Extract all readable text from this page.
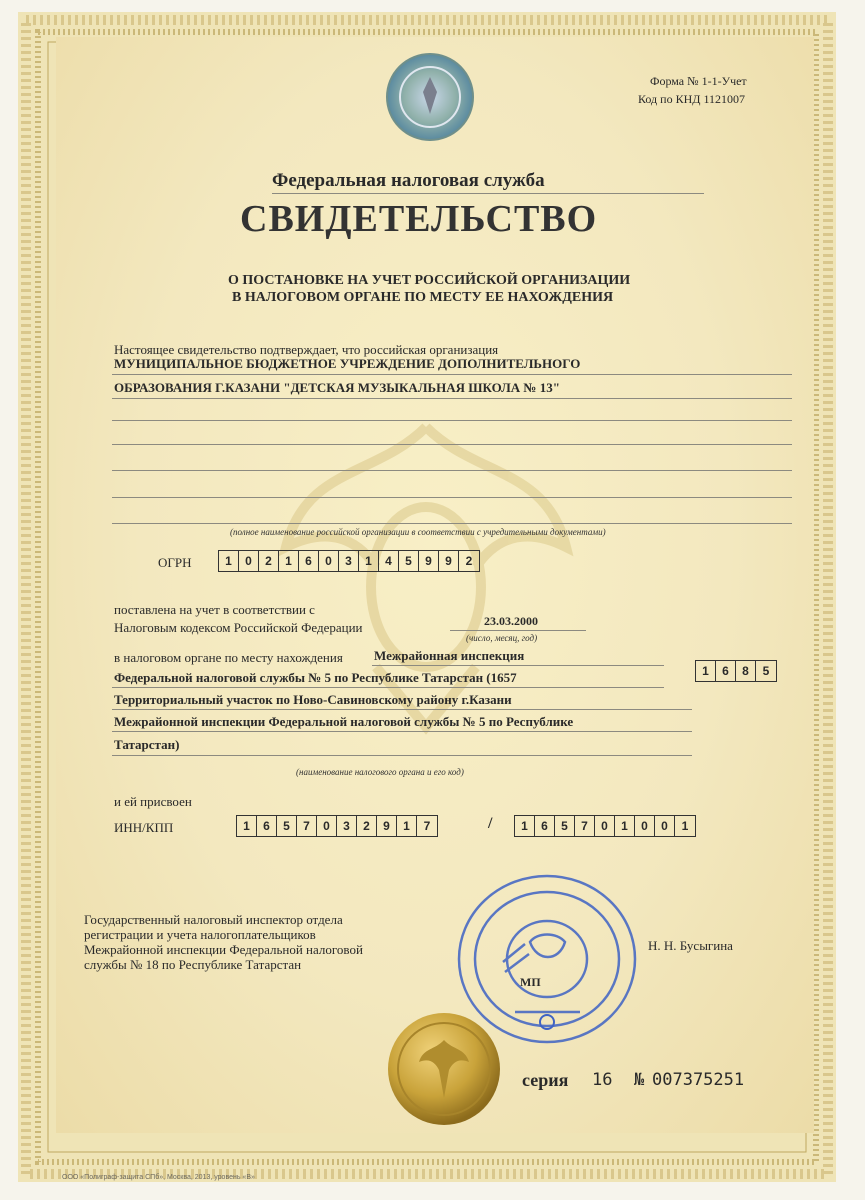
Форма № 1-1-Учет
Код по КНД 1121007
Федеральная налоговая служба
СВИДЕТЕЛЬСТВО
О ПОСТАНОВКЕ НА УЧЕТ РОССИЙСКОЙ ОРГАНИЗАЦИИ
В НАЛОГОВОМ ОРГАНЕ ПО МЕСТУ ЕЕ НАХОЖДЕНИЯ
Настоящее свидетельство подтверждает, что российская организация
МУНИЦИПАЛЬНОЕ БЮДЖЕТНОЕ УЧРЕЖДЕНИЕ ДОПОЛНИТЕЛЬНОГО
ОБРАЗОВАНИЯ Г.КАЗАНИ "ДЕТСКАЯ МУЗЫКАЛЬНАЯ ШКОЛА № 13"
(полное наименование российской организации в соответствии с учредительными документами)
ОГРН	1	0	2	1	6	0	3	1	4	5	9	9	2
поставлена на учет в соответствии с
Налоговым кодексом Российской Федерации	23.03.2000
(число, месяц, год)
в налоговом органе по месту нахождения Межрайонная инспекция
Федеральной налоговой службы № 5 по Республике Татарстан (1657	1	6	8	5
Территориальный участок по Ново-Савиновскому району г.Казани
Межрайонной инспекции Федеральной налоговой службы № 5 по Республике
Татарстан)
(наименование налогового органа и его код)
и ей присвоен
ИНН/КПП	1	6	5	7	0	3	2	9	1	7	/	1	6	5	7	0	1	0	0	1
Государственный налоговый инспектор отдела
регистрации и учета налогоплательщиков
Межрайонной инспекции Федеральной налоговой
службы № 18 по Республике Татарстан
Н. Н. Бусыгина
МП
серия 16 № 007375251
ООО «Полиграф-защита СПб», Москва, 2013, уровень «В»
